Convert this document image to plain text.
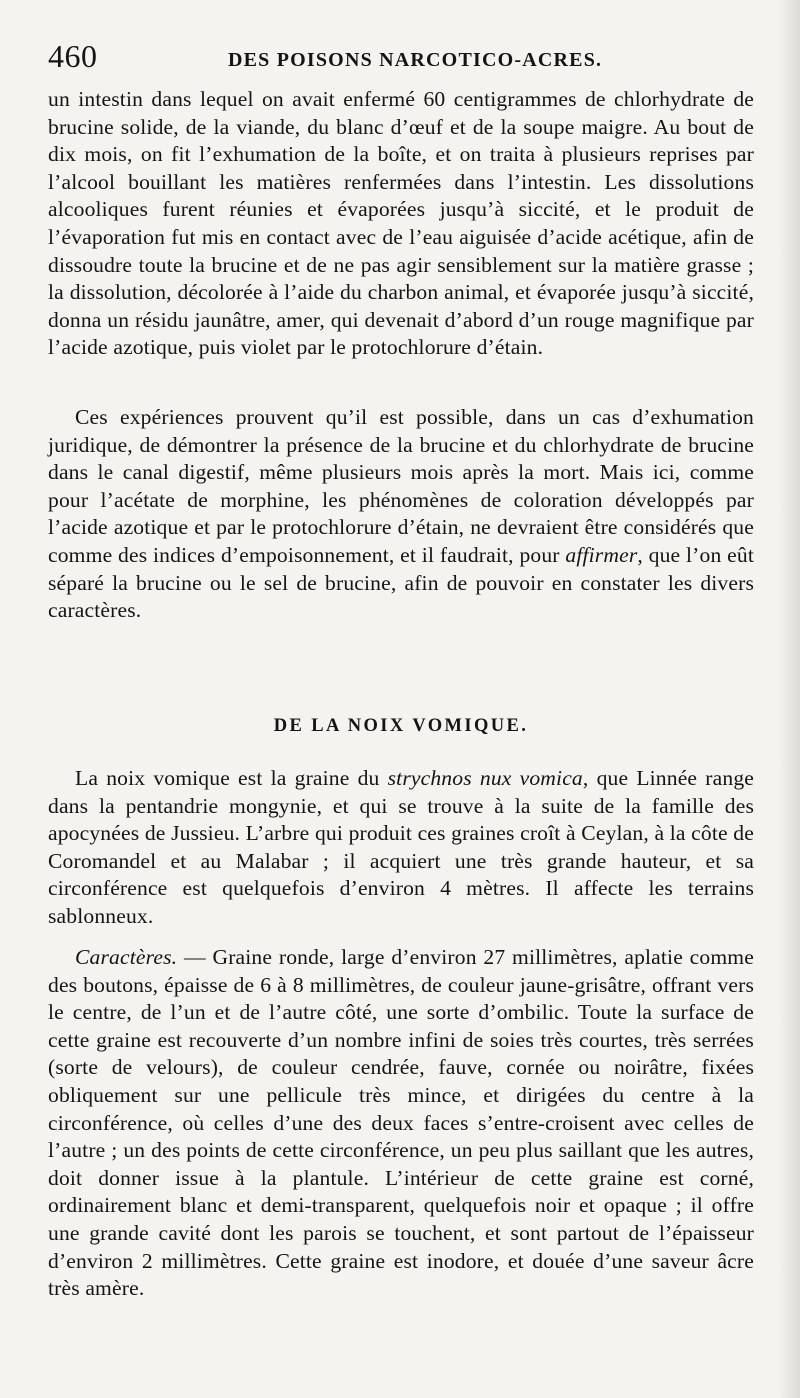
460	DES POISONS NARCOTICO-ACRES.

un intestin dans lequel on avait enfermé 60 centigrammes de chlorhydrate de brucine solide, de la viande, du blanc d’œuf et de la soupe maigre. Au bout de dix mois, on fit l’exhumation de la boîte, et on traita à plusieurs reprises par l’alcool bouillant les matières renfermées dans l’intestin. Les dissolutions alcooliques furent réunies et évaporées jusqu’à siccité, et le produit de l’évaporation fut mis en contact avec de l’eau aiguisée d’acide acétique, afin de dissoudre toute la brucine et de ne pas agir sensiblement sur la matière grasse ; la dissolution, décolorée à l’aide du charbon animal, et évaporée jusqu’à siccité, donna un résidu jaunâtre, amer, qui devenait d’abord d’un rouge magnifique par l’acide azotique, puis violet par le protochlorure d’étain.

Ces expériences prouvent qu’il est possible, dans un cas d’exhumation juridique, de démontrer la présence de la brucine et du chlorhydrate de brucine dans le canal digestif, même plusieurs mois après la mort. Mais ici, comme pour l’acétate de morphine, les phénomènes de coloration développés par l’acide azotique et par le protochlorure d’étain, ne devraient être considérés que comme des indices d’empoisonnement, et il faudrait, pour affirmer, que l’on eût séparé la brucine ou le sel de brucine, afin de pouvoir en constater les divers caractères.

DE LA NOIX VOMIQUE.

La noix vomique est la graine du strychnos nux vomica, que Linnée range dans la pentandrie mongynie, et qui se trouve à la suite de la famille des apocynées de Jussieu. L’arbre qui produit ces graines croît à Ceylan, à la côte de Coromandel et au Malabar ; il acquiert une très grande hauteur, et sa circonférence est quelquefois d’environ 4 mètres. Il affecte les terrains sablonneux.

Caractères. — Graine ronde, large d’environ 27 millimètres, aplatie comme des boutons, épaisse de 6 à 8 millimètres, de couleur jaune-grisâtre, offrant vers le centre, de l’un et de l’autre côté, une sorte d’ombilic. Toute la surface de cette graine est recouverte d’un nombre infini de soies très courtes, très serrées (sorte de velours), de couleur cendrée, fauve, cornée ou noirâtre, fixées obliquement sur une pellicule très mince, et dirigées du centre à la circonférence, où celles d’une des deux faces s’entre-croisent avec celles de l’autre ; un des points de cette circonférence, un peu plus saillant que les autres, doit donner issue à la plantule. L’intérieur de cette graine est corné, ordinairement blanc et demi-transparent, quelquefois noir et opaque ; il offre une grande cavité dont les parois se touchent, et sont partout de l’épaisseur d’environ 2 millimètres. Cette graine est inodore, et douée d’une saveur âcre très amère.
